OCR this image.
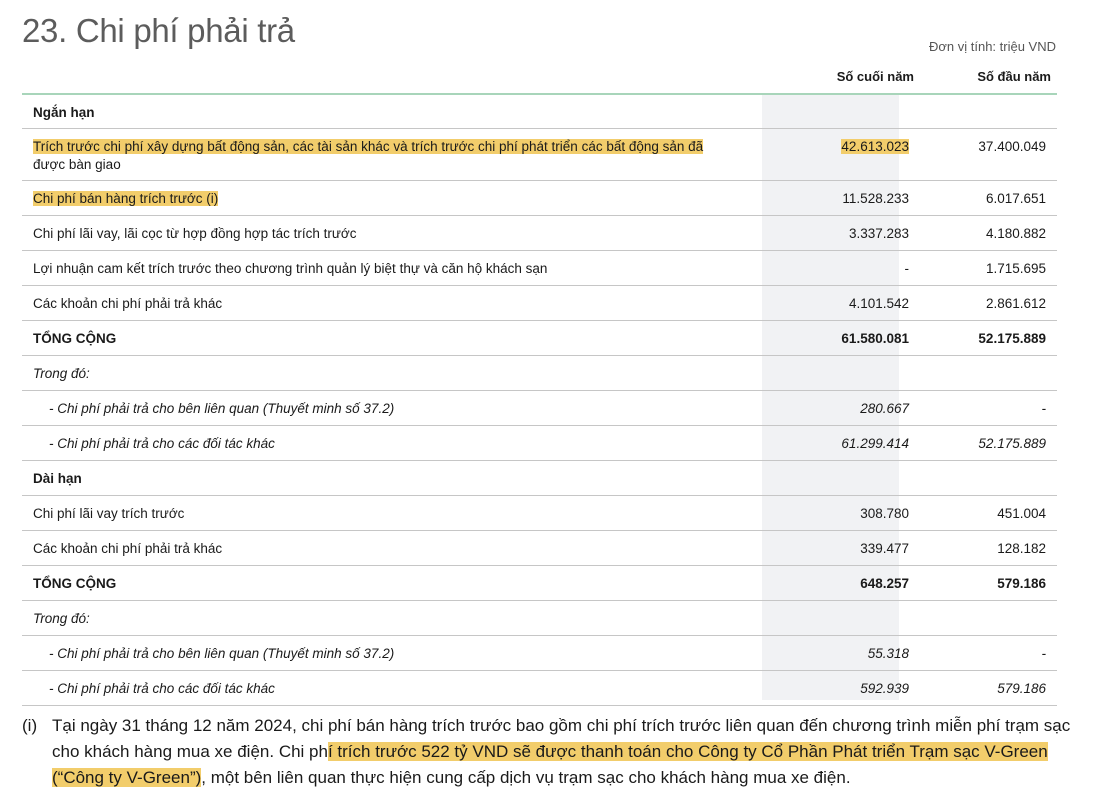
23. Chi phí phải trả	Đơn vị tính: triệu VND
Số cuối năm	Số đầu năm
Ngắn hạn
Trích trước chi phí xây dựng bất động sản, các tài sản khác và trích trước chi phí phát triển các bất động sản đã
được bàn giao
42.613.023	37.400.049
Chi phí bán hàng trích trước (i)	11.528.233	6.017.651
Chi phí lãi vay, lãi cọc từ hợp đồng hợp tác trích trước	3.337.283	4.180.882
Lợi nhuận cam kết trích trước theo chương trình quản lý biệt thự và căn hộ khách sạn	-	1.715.695
Các khoản chi phí phải trả khác	4.101.542	2.861.612
TỔNG CỘNG	61.580.081	52.175.889
Trong đó:
- Chi phí phải trả cho bên liên quan (Thuyết minh số 37.2)	280.667	-
- Chi phí phải trả cho các đối tác khác	61.299.414	52.175.889
Dài hạn
Chi phí lãi vay trích trước	308.780	451.004
Các khoản chi phí phải trả khác	339.477	128.182
TỔNG CỘNG	648.257	579.186
Trong đó:
- Chi phí phải trả cho bên liên quan (Thuyết minh số 37.2)	55.318	-
- Chi phí phải trả cho các đối tác khác	592.939	579.186
(i) Tại ngày 31 tháng 12 năm 2024, chi phí bán hàng trích trước bao gồm chi phí trích trước liên quan đến chương trình miễn phí trạm sạc cho khách hàng mua xe điện. Chi phí trích trước 522 tỷ VND sẽ được thanh toán cho Công ty Cổ Phần Phát triển Trạm sạc V-Green (“Công ty V-Green”), một bên liên quan thực hiện cung cấp dịch vụ trạm sạc cho khách hàng mua xe điện.
